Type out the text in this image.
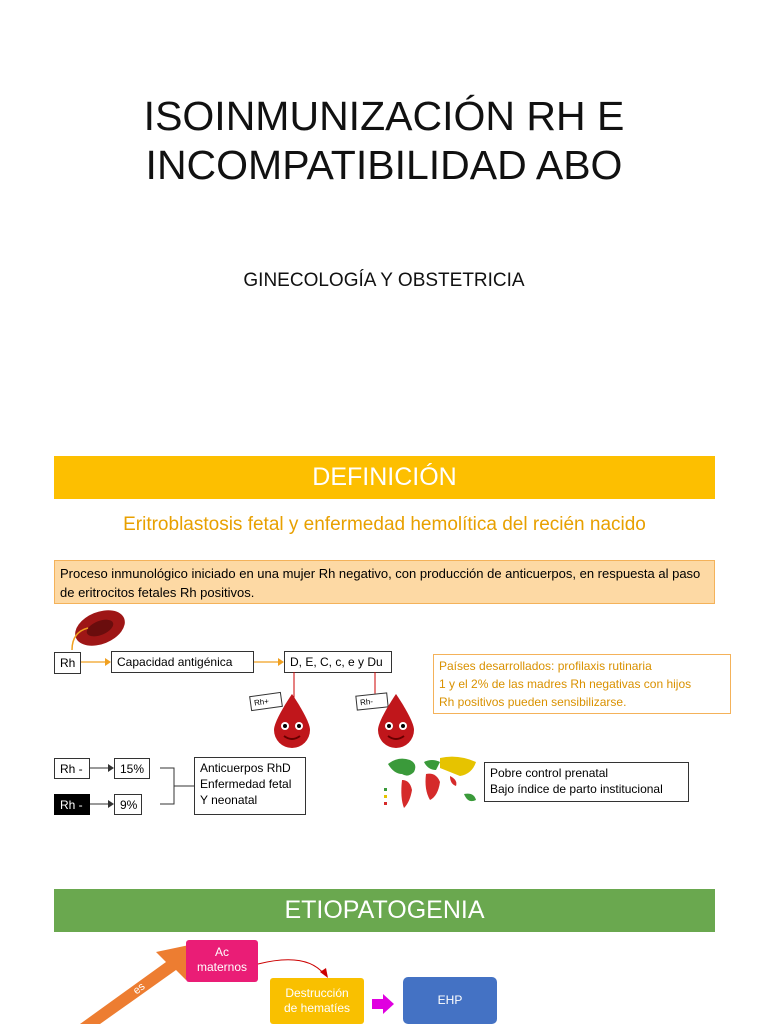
ISOINMUNIZACIÓN RH E
INCOMPATIBILIDAD ABO
GINECOLOGÍA Y OBSTETRICIA
DEFINICIÓN
Eritroblastosis fetal y enfermedad hemolítica del recién nacido
Proceso inmunológico iniciado en una mujer Rh negativo, con producción de anticuerpos, en respuesta al paso de eritrocitos fetales Rh positivos.
Rh	Capacidad antigénica	D, E, C, c, e y Du
Rh+	Rh-
Países desarrollados: profilaxis rutinaria
1 y el 2% de las madres Rh negativas con hijos
Rh positivos pueden sensibilizarse.
Rh -	15%
Rh -	9%
Anticuerpos RhD
Enfermedad fetal
Y neonatal
Pobre control prenatal
Bajo índice de parto institucional
ETIOPATOGENIA
ización
por
es
Ac
maternos
Destrucción
de hematíes
EHP
